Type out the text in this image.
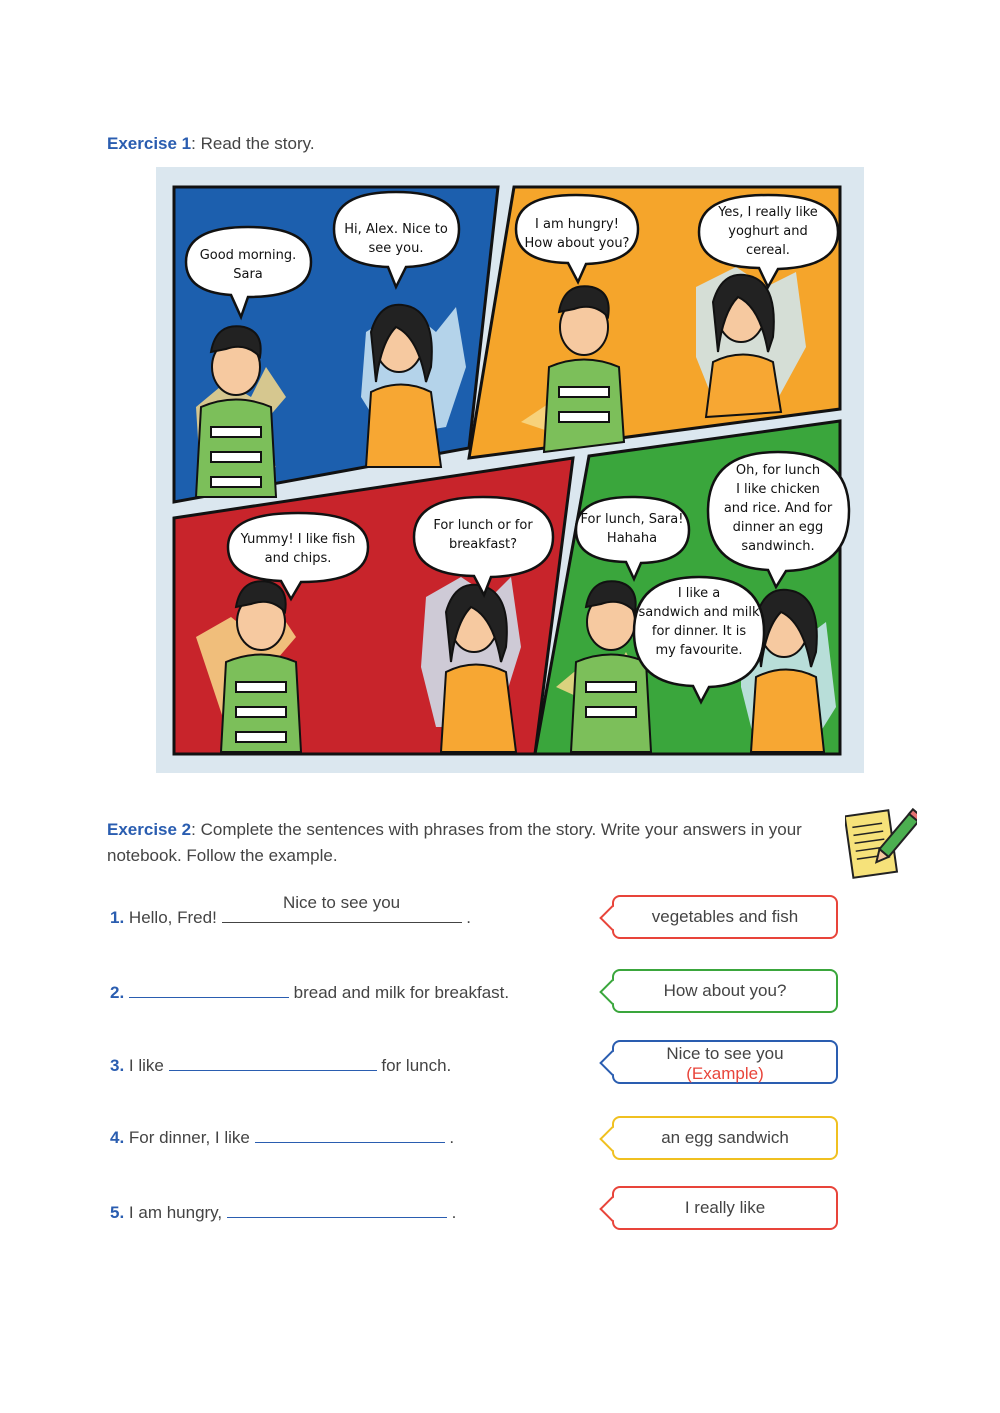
Exercise 1: Read the story.
Good morning.
Sara
Hi, Alex. Nice to
see you.
I am hungry!
How about you?
Yes, I really like
yoghurt and
cereal.
Yummy! I like fish
and chips.
For lunch or for
breakfast?
For lunch, Sara!
Hahaha
Oh, for lunch
I like chicken
and rice. And for
dinner an egg
sandwinch.
I like a
sandwich and milk
for dinner. It is
my favourite.
Exercise 2: Complete the sentences with phrases from the story. Write your answers in your notebook. Follow the example.
1. Hello, Fred!
Nice to see you
.
2.	bread and milk for breakfast.
3. I like	for lunch.
4. For dinner, I like	.
5. I am hungry,	.
vegetables and fish
How about you?
Nice to see you
(Example)
an egg sandwich
I really like
